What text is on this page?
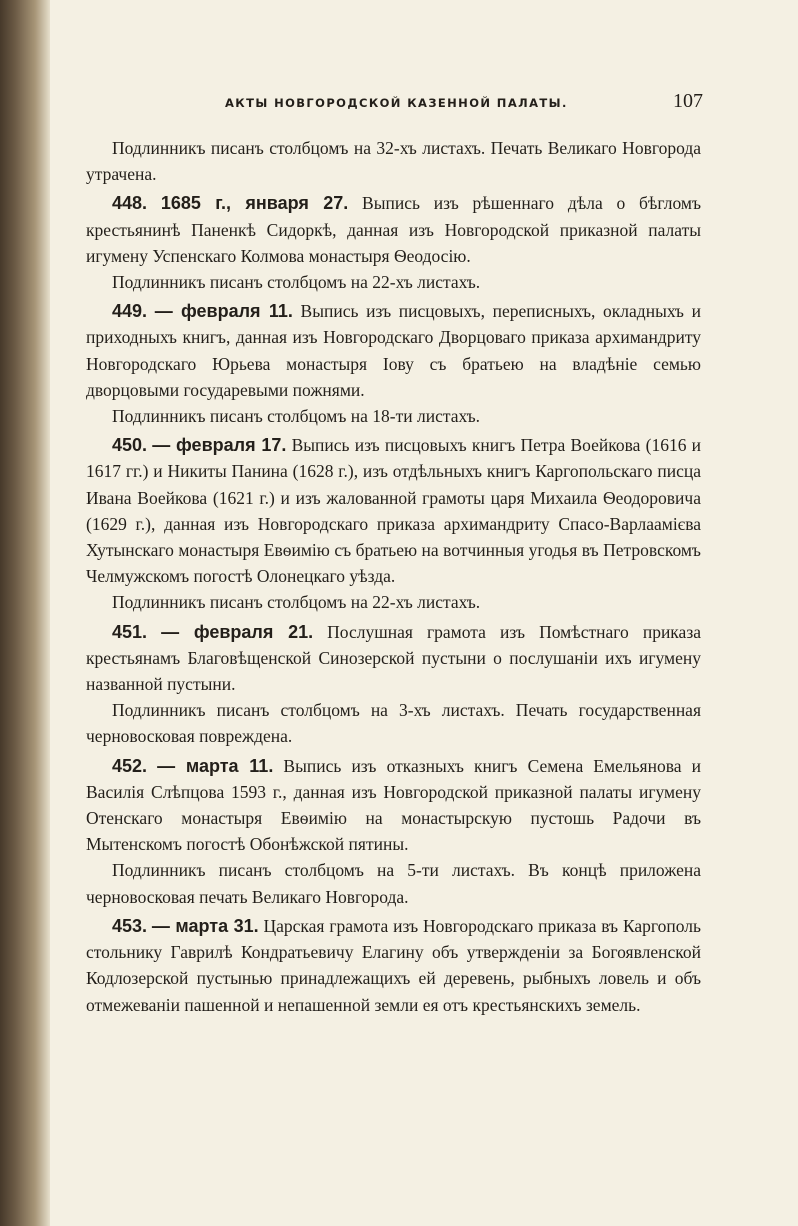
АКТЫ НОВГОРОДСКОЙ КАЗЕННОЙ ПАЛАТЫ.	107

Подлинникъ писанъ столбцомъ на 32-хъ листахъ. Печать Великаго Новгорода утрачена.

448. 1685 г., января 27. Выпись изъ рѣшеннаго дѣла о бѣгломъ крестьянинѣ Паненкѣ Сидоркѣ, данная изъ Новгородской приказной палаты игумену Успенскаго Колмова монастыря Ѳеодосію.

Подлинникъ писанъ столбцомъ на 22-хъ листахъ.

449. — февраля 11. Выпись изъ писцовыхъ, переписныхъ, окладныхъ и приходныхъ книгъ, данная изъ Новгородскаго Дворцоваго приказа архимандриту Новгородскаго Юрьева монастыря Іову съ братьею на владѣніе семью дворцовыми государевыми пожнями.

Подлинникъ писанъ столбцомъ на 18-ти листахъ.

450. — февраля 17. Выпись изъ писцовыхъ книгъ Петра Воейкова (1616 и 1617 гг.) и Никиты Панина (1628 г.), изъ отдѣльныхъ книгъ Каргопольскаго писца Ивана Воейкова (1621 г.) и изъ жалованной грамоты царя Михаила Ѳеодоровича (1629 г.), данная изъ Новгородскаго приказа архимандриту Спасо-Варлаамієва Хутынскаго монастыря Евѳимію съ братьею на вотчинныя угодья въ Петровскомъ Челмужскомъ погостѣ Олонецкаго уѣзда.

Подлинникъ писанъ столбцомъ на 22-хъ листахъ.

451. — февраля 21. Послушная грамота изъ Помѣстнаго приказа крестьянамъ Благовѣщенской Синозерской пустыни о послушаніи ихъ игумену названной пустыни.

Подлинникъ писанъ столбцомъ на 3-хъ листахъ. Печать государственная черновосковая повреждена.

452. — марта 11. Выпись изъ отказныхъ книгъ Семена Емельянова и Василія Слѣпцова 1593 г., данная изъ Новгородской приказной палаты игумену Отенскаго монастыря Евѳимію на монастырскую пустошь Радочи въ Мытенскомъ погостѣ Обонѣжской пятины.

Подлинникъ писанъ столбцомъ на 5-ти листахъ. Въ концѣ приложена черновосковая печать Великаго Новгорода.

453. — марта 31. Царская грамота изъ Новгородскаго приказа въ Каргополь стольнику Гаврилѣ Кондратьевичу Елагину объ утвержденіи за Богоявленской Кодлозерской пустынью принадлежащихъ ей деревень, рыбныхъ ловель и объ отмежеваніи пашенной и непашенной земли ея отъ крестьянскихъ земель.
